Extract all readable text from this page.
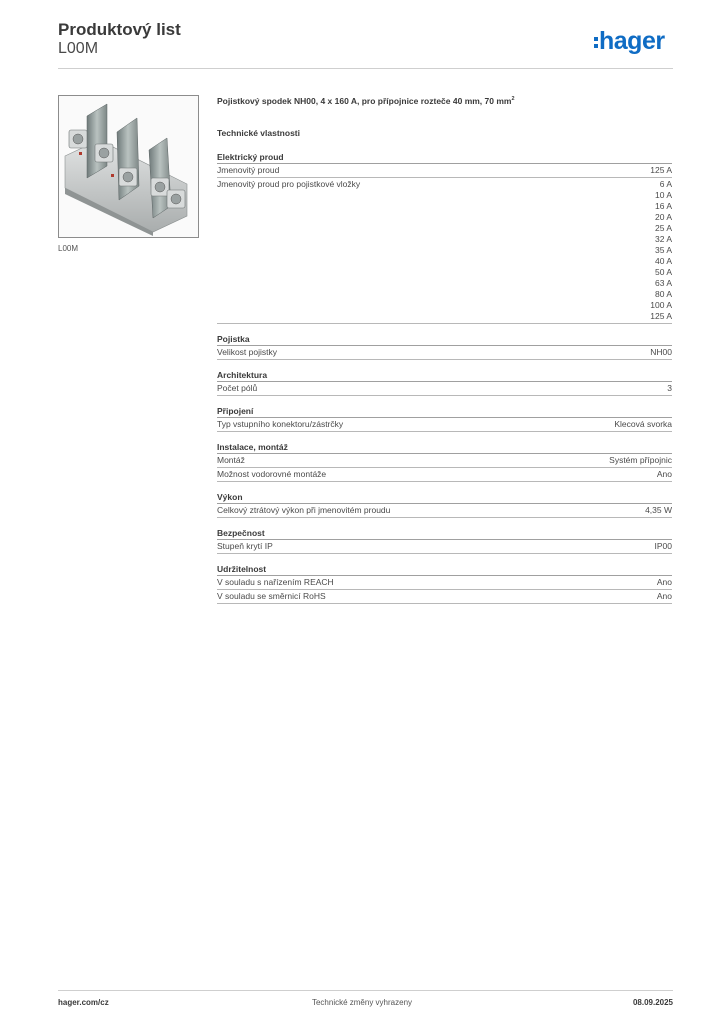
Produktový list
L00M	hager
L00M
Pojistkový spodek NH00, 4 x 160 A, pro přípojnice rozteče 40 mm, 70 $mm^2$
Technické vlastnosti
Elektrický proud
Jmenovitý proud	125 A
Jmenovitý proud pro pojistkové vložky	6 A
10 A
16 A
20 A
25 A
32 A
35 A
40 A
50 A
63 A
80 A
100 A
125 A
Pojistka
Velikost pojistky	NH00
Architektura
Počet pólů	3
Připojení
Typ vstupního konektoru/zástrčky	Klecová svorka
Instalace, montáž
Montáž	Systém přípojnic
Možnost vodorovné montáže	Ano
Výkon
Celkový ztrátový výkon při jmenovitém proudu	4,35 W
Bezpečnost
Stupeň krytí IP	IP00
Udržitelnost
V souladu s nařízením REACH	Ano
V souladu se směrnicí RoHS	Ano
hager.com/cz	Technické změny vyhrazeny	08.09.2025
